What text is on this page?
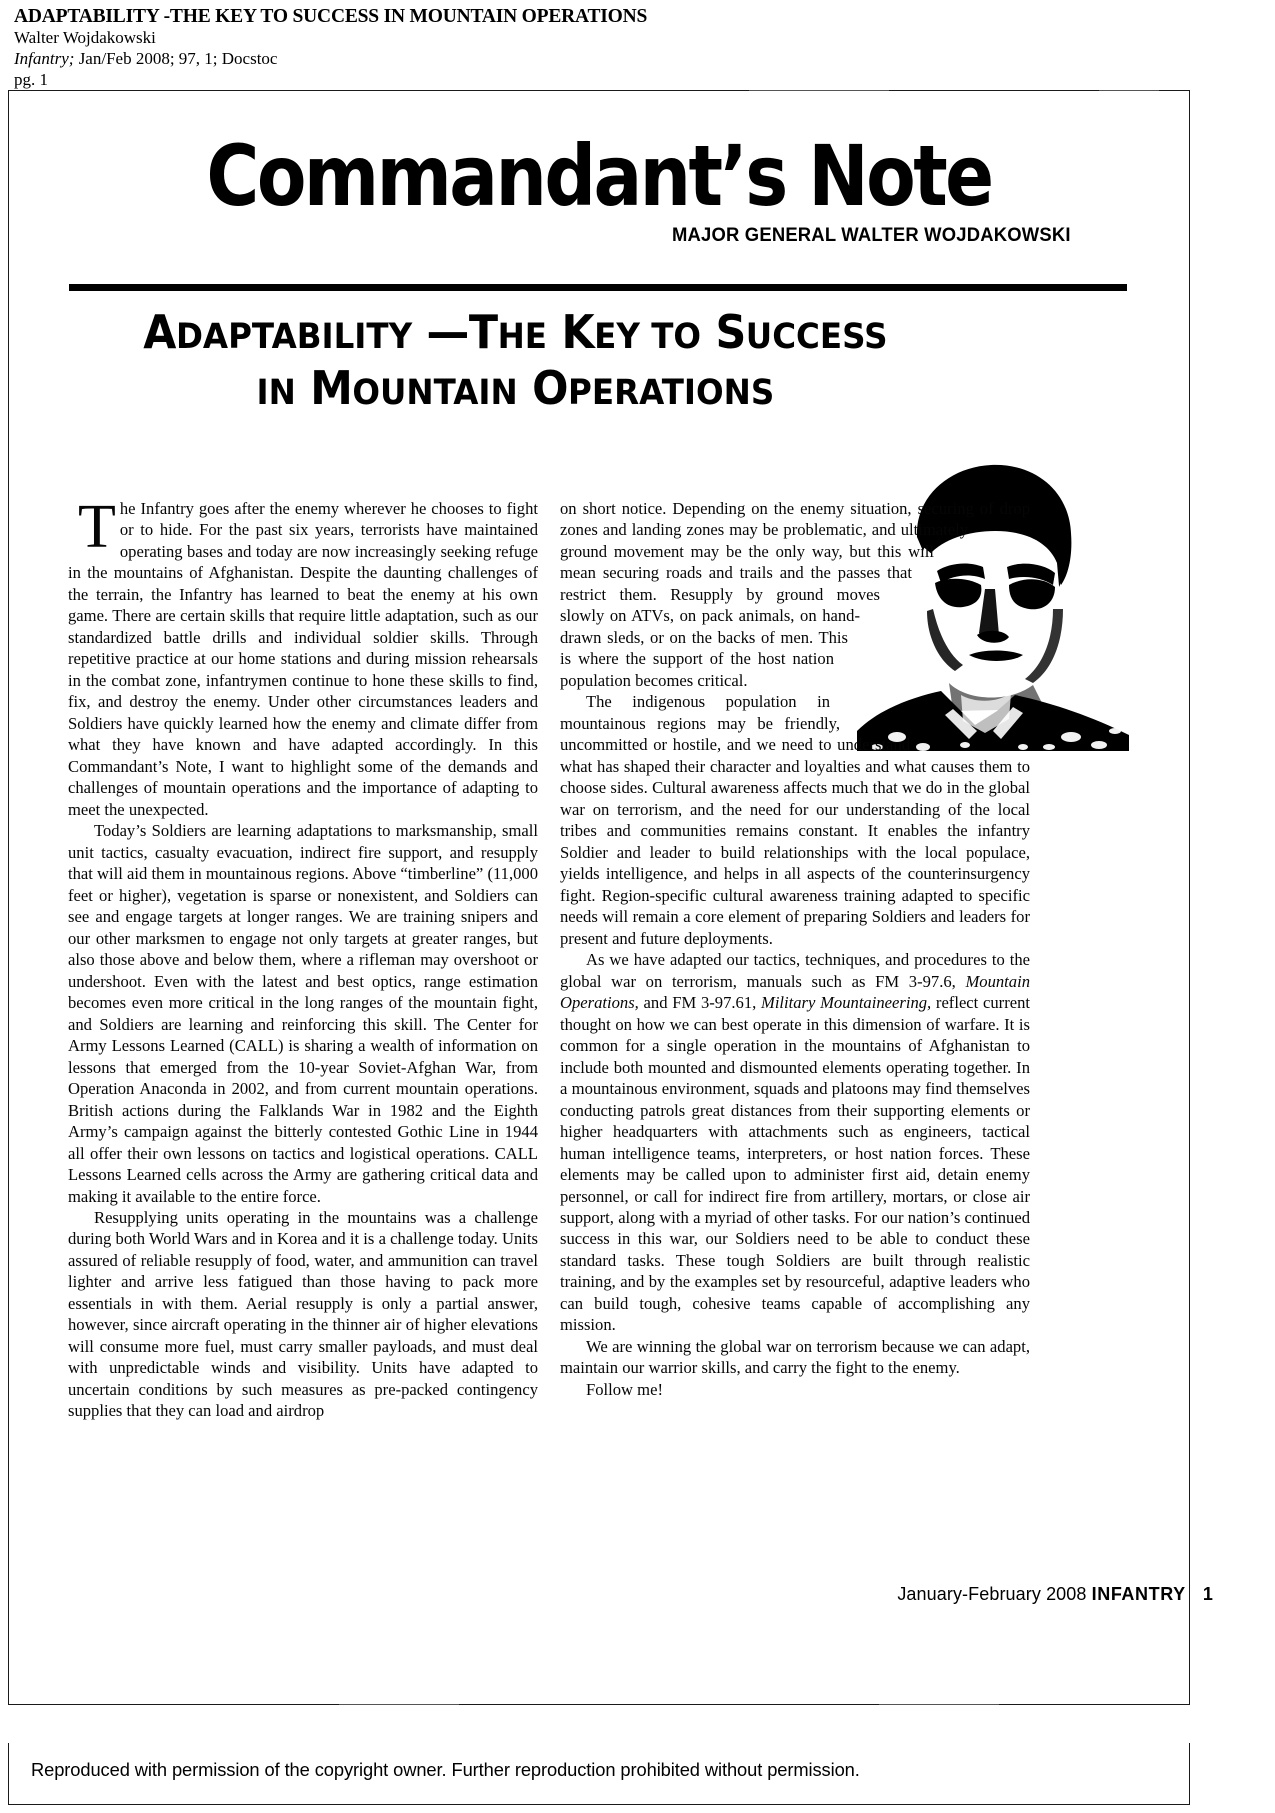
ADAPTABILITY -THE KEY TO SUCCESS IN MOUNTAIN OPERATIONS
Walter Wojdakowski
Infantry; Jan/Feb 2008; 97, 1; Docstoc
pg. 1
Commandant’s Note
MAJOR GENERAL WALTER WOJDAKOWSKI
ADAPTABILITY —THE KEY TO SUCCESS
IN MOUNTAIN OPERATIONS

The Infantry goes after the enemy wherever he chooses to fight or to hide. For the past six years, terrorists have maintained operating bases and today are now increasingly seeking refuge in the mountains of Afghanistan. Despite the daunting challenges of the terrain, the Infantry has learned to beat the enemy at his own game. There are certain skills that require little adaptation, such as our standardized battle drills and individual soldier skills. Through repetitive practice at our home stations and during mission rehearsals in the combat zone, infantrymen continue to hone these skills to find, fix, and destroy the enemy. Under other circumstances leaders and Soldiers have quickly learned how the enemy and climate differ from what they have known and have adapted accordingly. In this Commandant’s Note, I want to highlight some of the demands and challenges of mountain operations and the importance of adapting to meet the unexpected.

Today’s Soldiers are learning adaptations to marksmanship, small unit tactics, casualty evacuation, indirect fire support, and resupply that will aid them in mountainous regions. Above “timberline” (11,000 feet or higher), vegetation is sparse or nonexistent, and Soldiers can see and engage targets at longer ranges. We are training snipers and our other marksmen to engage not only targets at greater ranges, but also those above and below them, where a rifleman may overshoot or undershoot. Even with the latest and best optics, range estimation becomes even more critical in the long ranges of the mountain fight, and Soldiers are learning and reinforcing this skill. The Center for Army Lessons Learned (CALL) is sharing a wealth of information on lessons that emerged from the 10-year Soviet-Afghan War, from Operation Anaconda in 2002, and from current mountain operations. British actions during the Falklands War in 1982 and the Eighth Army’s campaign against the bitterly contested Gothic Line in 1944 all offer their own lessons on tactics and logistical operations. CALL Lessons Learned cells across the Army are gathering critical data and making it available to the entire force.

Resupplying units operating in the mountains was a challenge during both World Wars and in Korea and it is a challenge today. Units assured of reliable resupply of food, water, and ammunition can travel lighter and arrive less fatigued than those having to pack more essentials in with them. Aerial resupply is only a partial answer, however, since aircraft operating in the thinner air of higher elevations will consume more fuel, must carry smaller payloads, and must deal with unpredictable winds and visibility. Units have adapted to uncertain conditions by such measures as pre-packed contingency supplies that they can load and airdrop

on short notice. Depending on the enemy situation, securing of drop zones and landing zones may be problematic, and ultimately ground movement may be the only way, but this will mean securing roads and trails and the passes that restrict them. Resupply by ground moves slowly on ATVs, on pack animals, on hand-drawn sleds, or on the backs of men. This is where the support of the host nation population becomes critical.

The indigenous population in mountainous regions may be friendly, uncommitted or hostile, and we need to understand what has shaped their character and loyalties and what causes them to choose sides. Cultural awareness affects much that we do in the global war on terrorism, and the need for our understanding of the local tribes and communities remains constant. It enables the infantry Soldier and leader to build relationships with the local populace, yields intelligence, and helps in all aspects of the counterinsurgency fight. Region-specific cultural awareness training adapted to specific needs will remain a core element of preparing Soldiers and leaders for present and future deployments.

As we have adapted our tactics, techniques, and procedures to the global war on terrorism, manuals such as FM 3-97.6, Mountain Operations, and FM 3-97.61, Military Mountaineering, reflect current thought on how we can best operate in this dimension of warfare. It is common for a single operation in the mountains of Afghanistan to include both mounted and dismounted elements operating together. In a mountainous environment, squads and platoons may find themselves conducting patrols great distances from their supporting elements or higher headquarters with attachments such as engineers, tactical human intelligence teams, interpreters, or host nation forces. These elements may be called upon to administer first aid, detain enemy personnel, or call for indirect fire from artillery, mortars, or close air support, along with a myriad of other tasks. For our nation’s continued success in this war, our Soldiers need to be able to conduct these standard tasks. These tough Soldiers are built through realistic training, and by the examples set by resourceful, adaptive leaders who can build tough, cohesive teams capable of accomplishing any mission.

We are winning the global war on terrorism because we can adapt, maintain our warrior skills, and carry the fight to the enemy.

Follow me!

January-February 2008 INFANTRY 1
Reproduced with permission of the copyright owner. Further reproduction prohibited without permission.
